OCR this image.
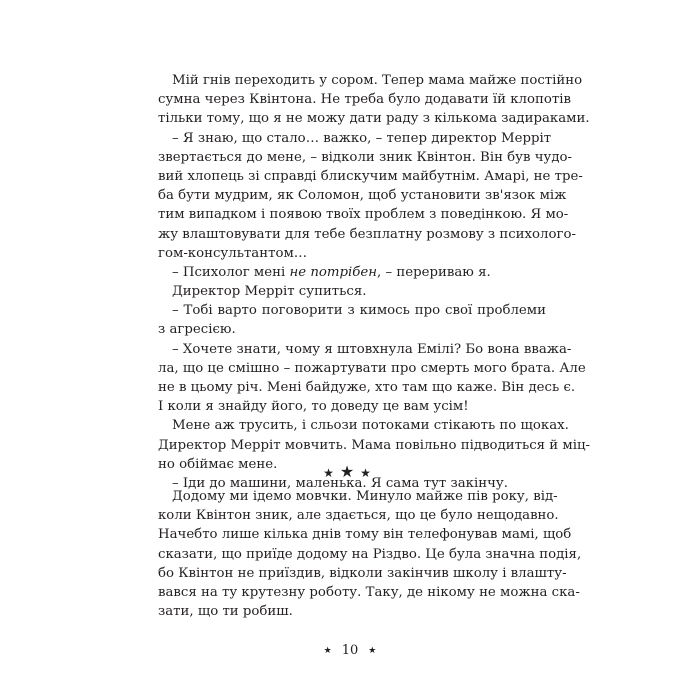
Мій гнів переходить у сором. Тепер мама майже постійно
сумна через Квінтона. Не треба було додавати їй клопотів
тільки тому, що я не можу дати раду з кількома задираками.
– Я знаю, що стало… важко, – тепер директор Мерріт
звертається до мене, – відколи зник Квінтон. Він був чудо-
вий хлопець зі справді блискучим майбутнім. Амарі, не тре-
ба бути мудрим, як Соломон, щоб установити зв'язок між
тим випадком і появою твоїх проблем з поведінкою. Я мо-
жу влаштовувати для тебе безплатну розмову з психолого-
гом-консультантом…
– Психолог мені не потрібен, – перериваю я.
Директор Мерріт супиться.
– Тобі варто поговорити з кимось про свої проблеми
з агресією.
– Хочете знати, чому я штовхнула Емілі? Бо вона вважа-
ла, що це смішно – пожартувати про смерть мого брата. Але
не в цьому річ. Мені байдуже, хто там що каже. Він десь є.
І коли я знайду його, то доведу це вам усім!
Мене аж трусить, і сльози потоками стікають по щоках.
Директор Мерріт мовчить. Мама повільно підводиться й міц-
но обіймає мене.
– Іди до машини, маленька. Я сама тут закінчу.
★★★
Додому ми ідемо мовчки. Минуло майже пів року, від-
коли Квінтон зник, але здається, що це було нещодавно.
Начебто лише кілька днів тому він телефонував мамі, щоб
сказати, що приїде додому на Різдво. Це була значна подія,
бо Квінтон не приїздив, відколи закінчив школу і влашту-
вався на ту крутезну роботу. Таку, де нікому не можна ска-
зати, що ти робиш.
★ 10 ★
